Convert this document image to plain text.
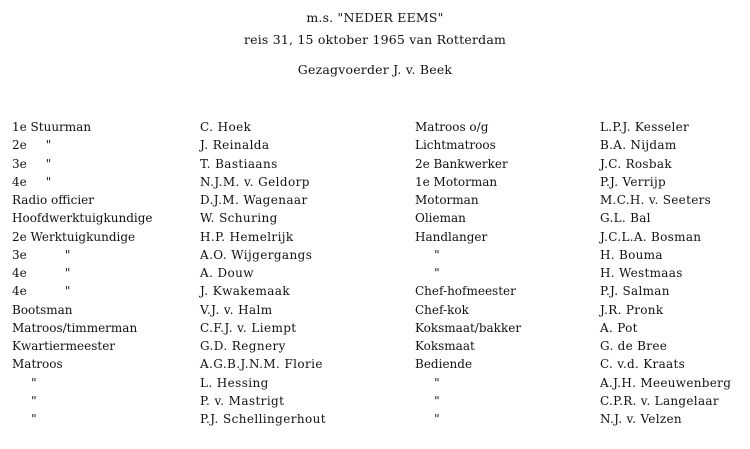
m.s. "NEDER EEMS"
reis 31, 15 oktober 1965 van Rotterdam
Gezagvoerder J. v. Beek
1e Stuurman
2e     "
3e     "
4e     "
Radio officier
Hoofdwerktuigkundige
2e Werktuigkundige
3e          "
4e          "
4e          "
Bootsman
Matroos/timmerman
Kwartiermeester
Matroos
"
"
"
C. Hoek
J. Reinalda
T. Bastiaans
N.J.M. v. Geldorp
D.J.M. Wagenaar
W. Schuring
H.P. Hemelrijk
A.O. Wijgergangs
A. Douw
J. Kwakemaak
V.J. v. Halm
C.F.J. v. Liempt
G.D. Regnery
A.G.B.J.N.M. Florie
L. Hessing
P. v. Mastrigt
P.J. Schellingerhout
Matroos o/g
Lichtmatroos
2e Bankwerker
1e Motorman
Motorman
Olieman
Handlanger
"
"
Chef-hofmeester
Chef-kok
Koksmaat/bakker
Koksmaat
Bediende
"
"
"
L.P.J. Kesseler
B.A. Nijdam
J.C. Rosbak
P.J. Verrijp
M.C.H. v. Seeters
G.L. Bal
J.C.L.A. Bosman
H. Bouma
H. Westmaas
P.J. Salman
J.R. Pronk
A. Pot
G. de Bree
C. v.d. Kraats
A.J.H. Meeuwenberg
C.P.R. v. Langelaar
N.J. v. Velzen
